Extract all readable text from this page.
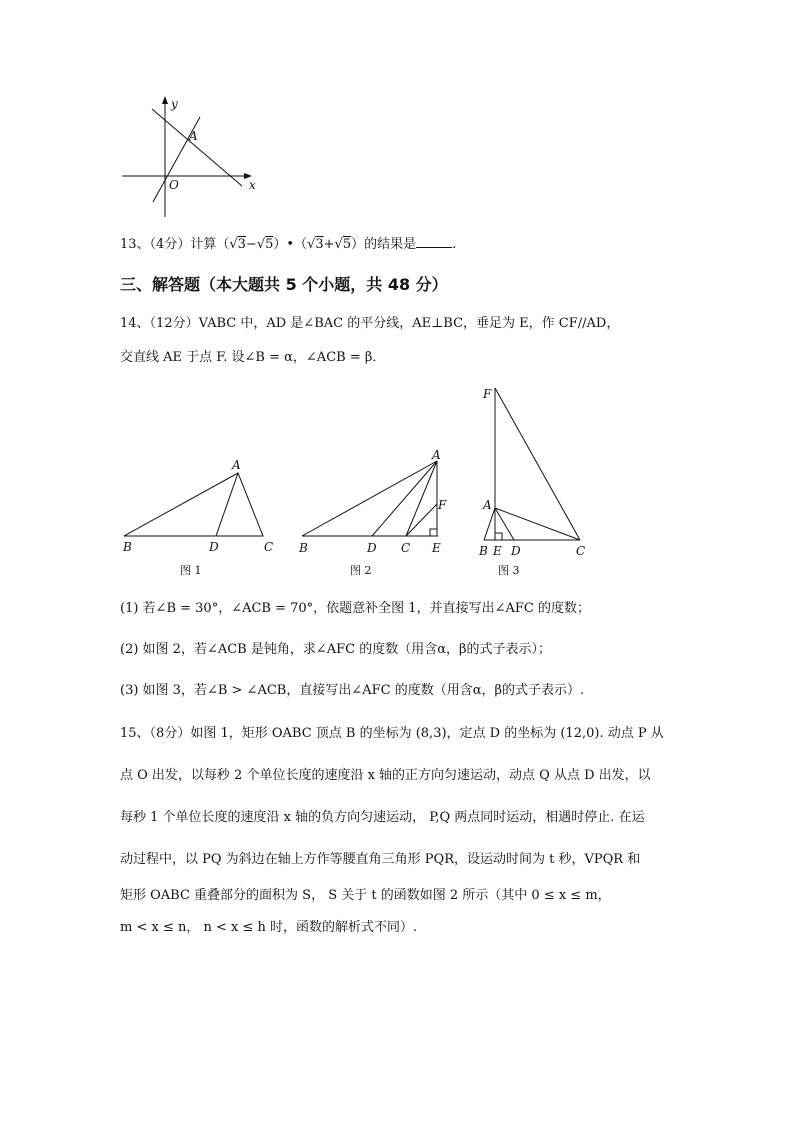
y
x
A
O
13、（4分）计算（√3−√5）•（√3+√5）的结果是	.
三、解答题（本大题共 5 个小题，共 48 分）
14、（12分）VABC 中，AD 是∠BAC 的平分线，AE⊥BC，垂足为 E，作 CF//AD，
交直线 AE 于点 F. 设∠B = α，∠ACB = β．
A
B	D	C
图 1
A
F
B	D C E
图 2
F
A
B E D	C
图 3
(1) 若∠B = 30°，∠ACB = 70°，依题意补全图 1，并直接写出∠AFC 的度数；
(2) 如图 2，若∠ACB 是钝角，求∠AFC 的度数（用含α，β的式子表示）；
(3) 如图 3，若∠B > ∠ACB，直接写出∠AFC 的度数（用含α，β的式子表示）.
15、（8分）如图 1，矩形 OABC 顶点 B 的坐标为 (8,3)，定点 D 的坐标为 (12,0). 动点 P 从
点 O 出发，以每秒 2 个单位长度的速度沿 x 轴的正方向匀速运动，动点 Q 从点 D 出发，以
每秒 1 个单位长度的速度沿 x 轴的负方向匀速运动， P,Q 两点同时运动，相遇时停止. 在运
动过程中，以 PQ 为斜边在轴上方作等腰直角三角形 PQR，设运动时间为 t 秒，VPQR 和
矩形 OABC 重叠部分的面积为 S， S 关于 t 的函数如图 2 所示（其中 0 ≤ x ≤ m，
m < x ≤ n， n < x ≤ h 时，函数的解析式不同）.
